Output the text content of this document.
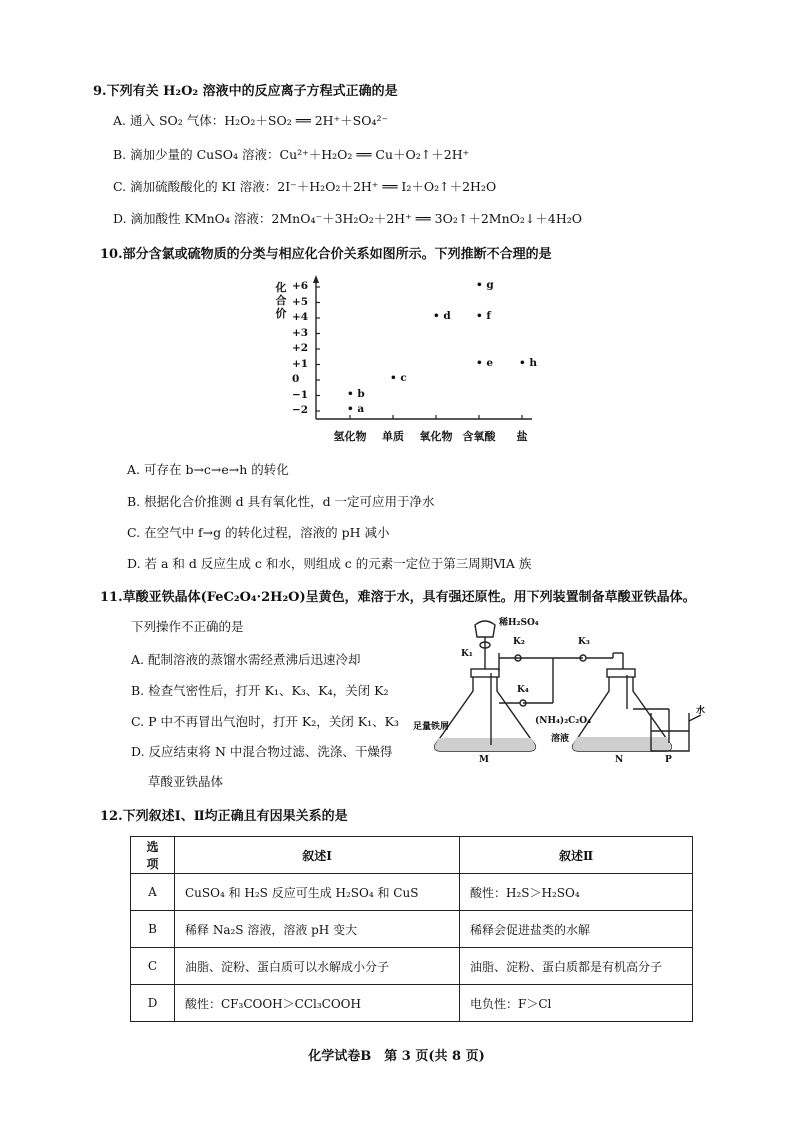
9.下列有关 H₂O₂ 溶液中的反应离子方程式正确的是
A. 通入 SO₂ 气体：H₂O₂＋SO₂ ══ 2H⁺＋SO₄²⁻
B. 滴加少量的 CuSO₄ 溶液：Cu²⁺＋H₂O₂ ══ Cu＋O₂↑＋2H⁺
C. 滴加硫酸酸化的 KI 溶液：2I⁻＋H₂O₂＋2H⁺ ══ I₂＋O₂↑＋2H₂O
D. 滴加酸性 KMnO₄ 溶液：2MnO₄⁻＋3H₂O₂＋2H⁺ ══ 3O₂↑＋2MnO₂↓＋4H₂O
10.部分含氯或硫物质的分类与相应化合价关系如图所示。下列推断不合理的是
化合价
+6
+5
+4
+3
+2
+1
0
−1
−2
氢化物 单质 氧化物 含氧酸 盐
• a
• b
• c
• d
• e
• f
• g
• h
A. 可存在 b→c→e→h 的转化
B. 根据化合价推测 d 具有氧化性，d 一定可应用于净水
C. 在空气中 f→g 的转化过程，溶液的 pH 减小
D. 若 a 和 d 反应生成 c 和水，则组成 c 的元素一定位于第三周期ⅥA 族
11.草酸亚铁晶体(FeC₂O₄·2H₂O)呈黄色，难溶于水，具有强还原性。用下列装置制备草酸亚铁晶体。
下列操作不正确的是
A. 配制溶液的蒸馏水需经煮沸后迅速冷却
B. 检查气密性后，打开 K₁、K₃、K₄，关闭 K₂
C. P 中不再冒出气泡时，打开 K₂，关闭 K₁、K₃
D. 反应结束将 N 中混合物过滤、洗涤、干燥得
草酸亚铁晶体
稀H₂SO₄
K₁
K₂	K₃
K₄
足量铁屑
(NH₄)₂C₂O₄
溶液
水
M	N	P
12.下列叙述Ⅰ、Ⅱ均正确且有因果关系的是
选项	叙述Ⅰ	叙述Ⅱ
A	CuSO₄ 和 H₂S 反应可生成 H₂SO₄ 和 CuS	酸性：H₂S＞H₂SO₄
B	稀释 Na₂S 溶液，溶液 pH 变大	稀释会促进盐类的水解
C	油脂、淀粉、蛋白质可以水解成小分子	油脂、淀粉、蛋白质都是有机高分子
D	酸性：CF₃COOH＞CCl₃COOH	电负性：F＞Cl
化学试卷B　第 3 页(共 8 页)
